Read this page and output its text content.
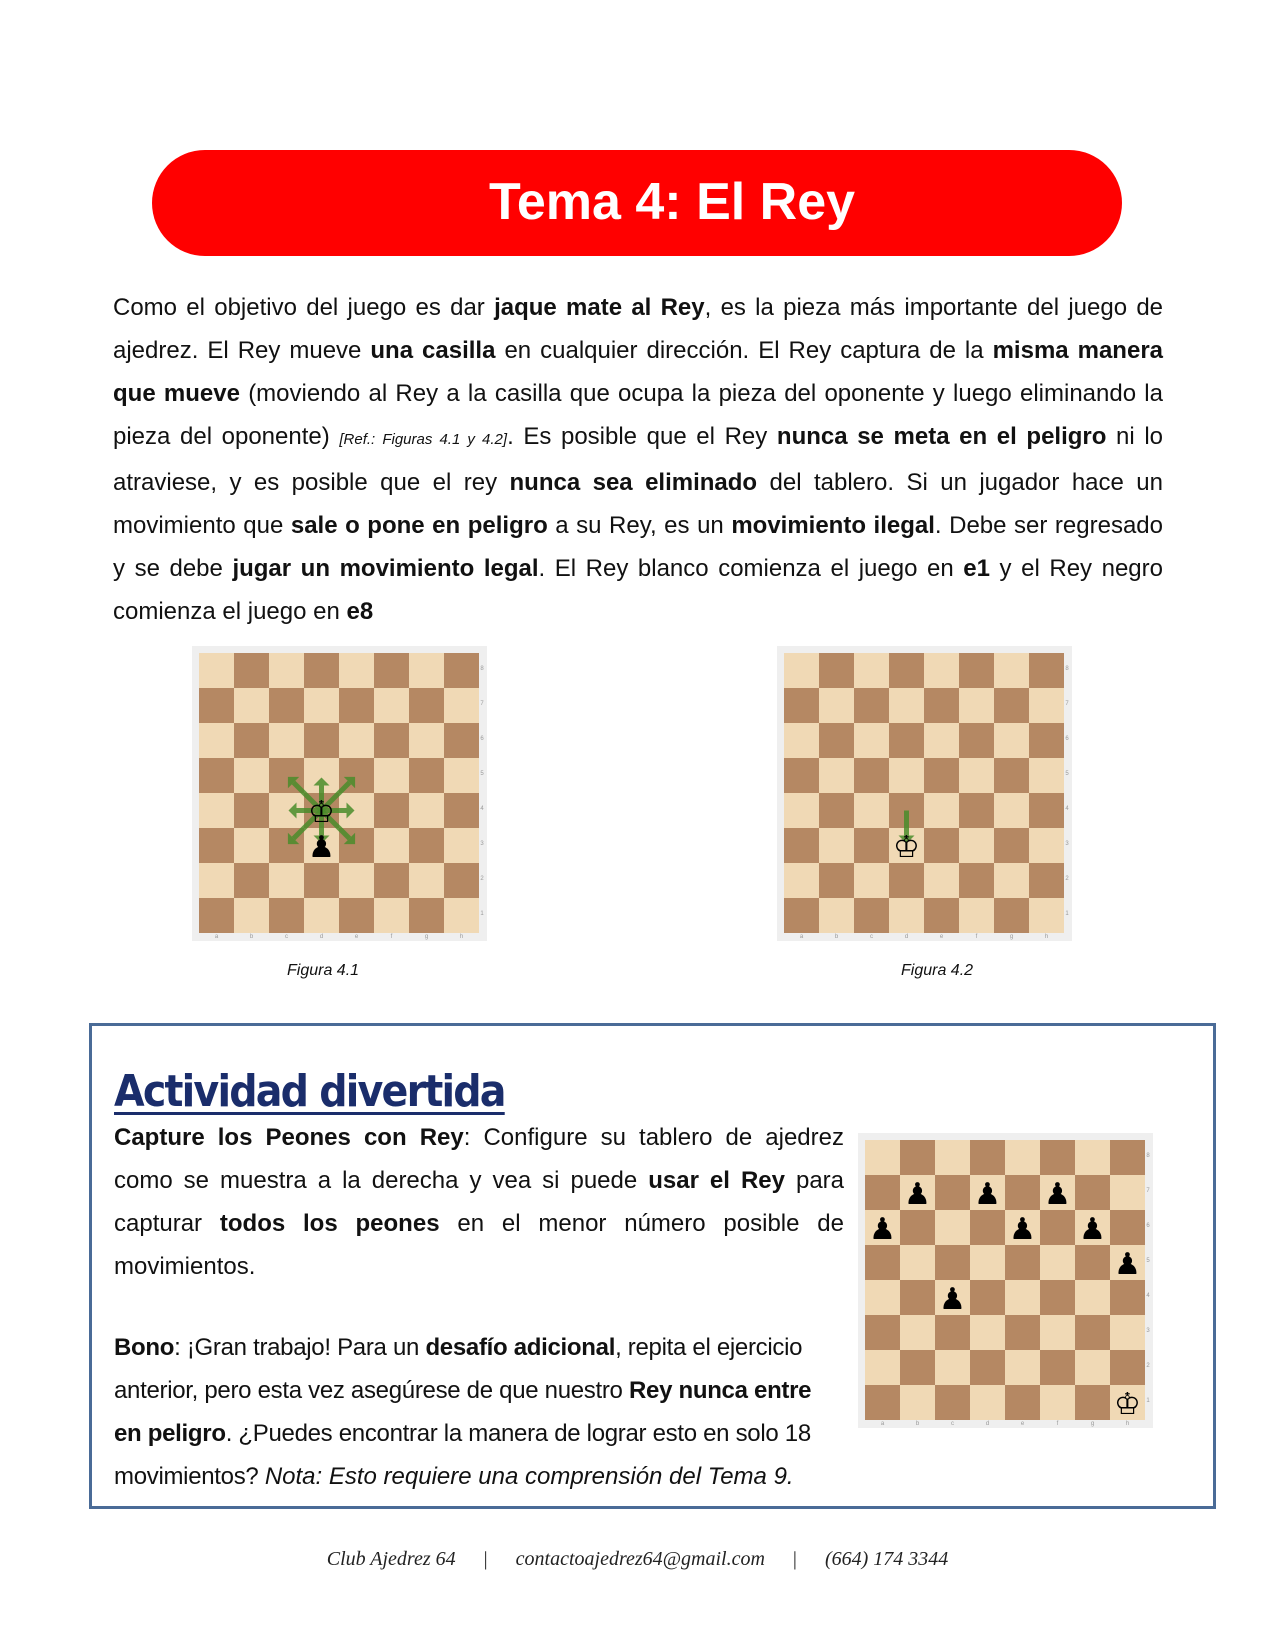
Tema 4: El Rey

Como el objetivo del juego es dar jaque mate al Rey, es la pieza más importante del juego de ajedrez. El Rey mueve una casilla en cualquier dirección. El Rey captura de la misma manera que mueve (moviendo al Rey a la casilla que ocupa la pieza del oponente y luego eliminando la pieza del oponente) [Ref.: Figuras 4.1 y 4.2]. Es posible que el Rey nunca se meta en el peligro ni lo atraviese, y es posible que el rey nunca sea eliminado del tablero. Si un jugador hace un movimiento que sale o pone en peligro a su Rey, es un movimiento ilegal. Debe ser regresado y se debe jugar un movimiento legal. El Rey blanco comienza el juego en e1 y el Rey negro comienza el juego en e8

a	b	c	d	e	f	g	h
8
7
6
5
4
3
2
1
♔
♟
Figura 4.1
a	b	c	d	e	f	g	h
8
7
6
5
4
3
2
1
♔
Figura 4.2
Actividad divertida

Capture los Peones con Rey: Configure su tablero de ajedrez como se muestra a la derecha y vea si puede usar el Rey para capturar todos los peones en el menor número posible de movimientos.

Bono: ¡Gran trabajo! Para un desafío adicional, repita el ejercicio anterior, pero esta vez asegúrese de que nuestro Rey nunca entre en peligro. ¿Puedes encontrar la manera de lograr esto en solo 18 movimientos? Nota: Esto requiere una comprensión del Tema 9.

a	b	c	d	e	f	g	h
8
7
6
5
4
3
2
1
♟ ♟ ♟
♟	♟ ♟
♟
♟
♔
Club Ajedrez 64 | contactoajedrez64@gmail.com | (664) 174 3344
